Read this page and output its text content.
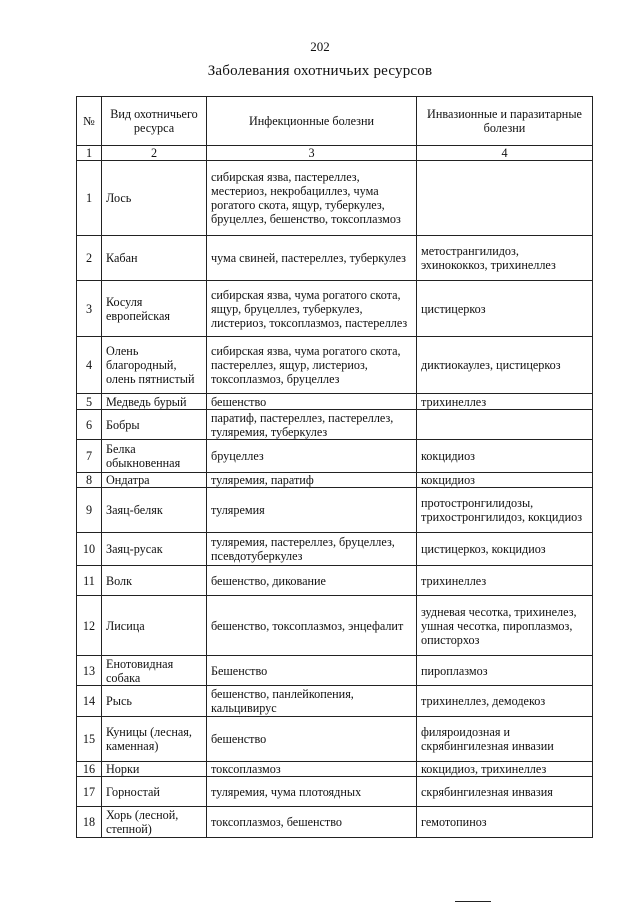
202
Заболевания охотничьих ресурсов
№	Вид охотничьего ресурса	Инфекционные болезни	Инвазионные и паразитарные болезни
1	2	3	4
1	Лось	сибирская язва, пастереллез, местериоз, некробациллез, чума рогатого скота, ящур, туберкулез, бруцеллез, бешенство, токсоплазмоз	
2	Кабан	чума свиней, пастереллез, туберкулез	метострангилидоз, эхинококкоз, трихинеллез
3	Косуля европейская	сибирская язва, чума рогатого скота, ящур, бруцеллез, туберкулез, листериоз, токсоплазмоз, пастереллез	цистицеркоз
4	Олень благородный, олень пятнистый	сибирская язва, чума рогатого скота, пастереллез, ящур, листериоз, токсоплазмоз, бруцеллез	диктиокаулез, цистицеркоз
5	Медведь бурый	бешенство	трихинеллез
6	Бобры	паратиф, пастереллез, пастереллез, туляремия, туберкулез	
7	Белка обыкновенная	бруцеллез	кокцидиоз
8	Ондатра	туляремия, паратиф	кокцидиоз
9	Заяц-беляк	туляремия	протостронгилидозы, трихостронгилидоз, кокцидиоз
10	Заяц-русак	туляремия, пастереллез, бруцеллез, псевдотуберкулез	цистицеркоз, кокцидиоз
11	Волк	бешенство, дикование	трихинеллез
12	Лисица	бешенство, токсоплазмоз, энцефалит	зудневая чесотка, трихинелез, ушная чесотка, пироплазмоз, описторхоз
13	Енотовидная собака	Бешенство	пироплазмоз
14	Рысь	бешенство, панлейкопения, кальцивирус	трихинеллез, демодекоз
15	Куницы (лесная, каменная)	бешенство	филяроидозная и скрябингилезная инвазии
16	Норки	токсоплазмоз	кокцидиоз, трихинеллез
17	Горностай	туляремия, чума плотоядных	скрябингилезная инвазия
18	Хорь (лесной, степной)	токсоплазмоз, бешенство	гемотопиноз
